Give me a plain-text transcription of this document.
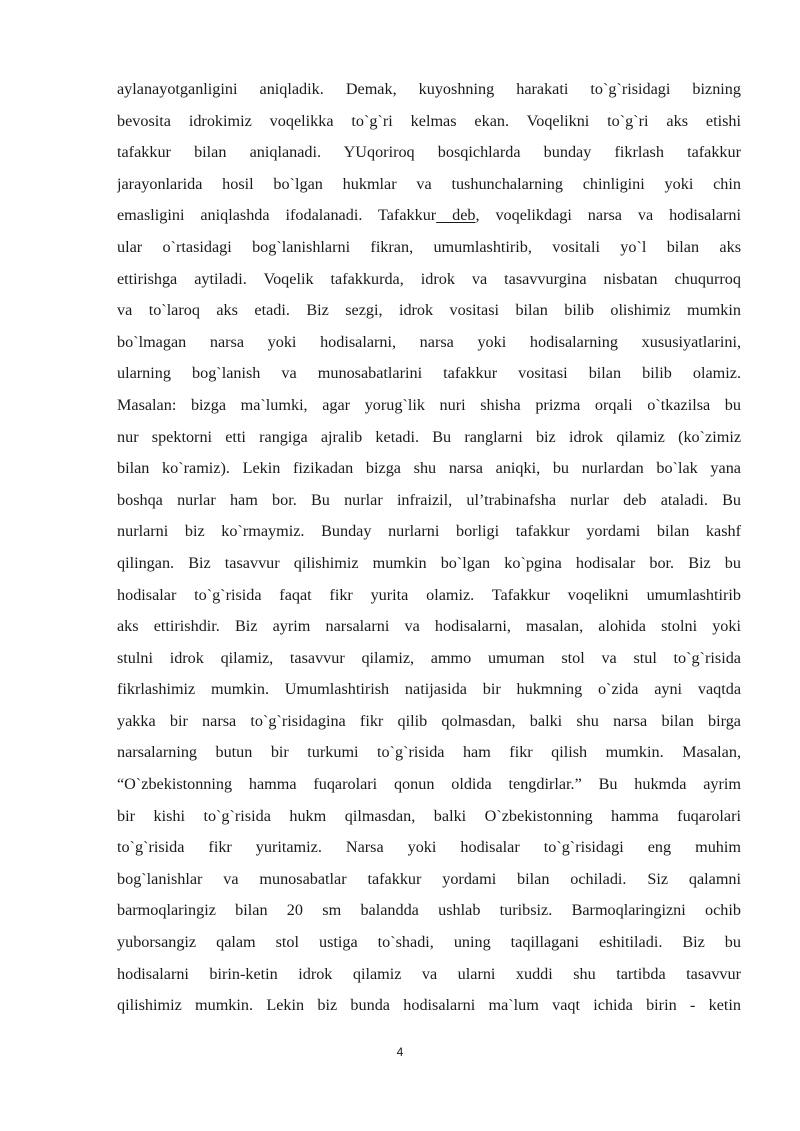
aylanayotganligini aniqladik. Demak, kuyoshning harakati to`g`risidagi bizning
bevosita idrokimiz voqelikka to`g`ri kelmas ekan. Voqelikni to`g`ri aks etishi
tafakkur bilan aniqlanadi. YUqoriroq bosqichlarda bunday fikrlash tafakkur
jarayonlarida hosil bo`lgan hukmlar va tushunchalarning chinligini yoki chin
emasligini aniqlashda ifodalanadi. Tafakkur deb, voqelikdagi narsa va hodisalarni
ular o`rtasidagi bog`lanishlarni fikran, umumlashtirib, vositali yo`l bilan aks
ettirishga aytiladi. Voqelik tafakkurda, idrok va tasavvurgina nisbatan chuqurroq
va to`laroq aks etadi. Biz sezgi, idrok vositasi bilan bilib olishimiz mumkin
bo`lmagan narsa yoki hodisalarni, narsa yoki hodisalarning xususiyatlarini,
ularning bog`lanish va munosabatlarini tafakkur vositasi bilan bilib olamiz.
Masalan: bizga ma`lumki, agar yorug`lik nuri shisha prizma orqali o`tkazilsa bu
nur spektorni etti rangiga ajralib ketadi. Bu ranglarni biz idrok qilamiz (ko`zimiz
bilan ko`ramiz). Lekin fizikadan bizga shu narsa aniqki, bu nurlardan bo`lak yana
boshqa nurlar ham bor. Bu nurlar infraizil, ul’trabinafsha nurlar deb ataladi. Bu
nurlarni biz ko`rmaymiz. Bunday nurlarni borligi tafakkur yordami bilan kashf
qilingan. Biz tasavvur qilishimiz mumkin bo`lgan ko`pgina hodisalar bor. Biz bu
hodisalar to`g`risida faqat fikr yurita olamiz. Tafakkur voqelikni umumlashtirib
aks ettirishdir. Biz ayrim narsalarni va hodisalarni, masalan, alohida stolni yoki
stulni idrok qilamiz, tasavvur qilamiz, ammo umuman stol va stul to`g`risida
fikrlashimiz mumkin. Umumlashtirish natijasida bir hukmning o`zida ayni vaqtda
yakka bir narsa to`g`risidagina fikr qilib qolmasdan, balki shu narsa bilan birga
narsalarning butun bir turkumi to`g`risida ham fikr qilish mumkin. Masalan,
“O`zbekistonning hamma fuqarolari qonun oldida tengdirlar.” Bu hukmda ayrim
bir kishi to`g`risida hukm qilmasdan, balki O`zbekistonning hamma fuqarolari
to`g`risida fikr yuritamiz. Narsa yoki hodisalar to`g`risidagi eng muhim
bog`lanishlar va munosabatlar tafakkur yordami bilan ochiladi. Siz qalamni
barmoqlaringiz bilan 20 sm balandda ushlab turibsiz. Barmoqlaringizni ochib
yuborsangiz qalam stol ustiga to`shadi, uning taqillagani eshitiladi. Biz bu
hodisalarni birin-ketin idrok qilamiz va ularni xuddi shu tartibda tasavvur
qilishimiz mumkin. Lekin biz bunda hodisalarni ma`lum vaqt ichida birin - ketin
4
